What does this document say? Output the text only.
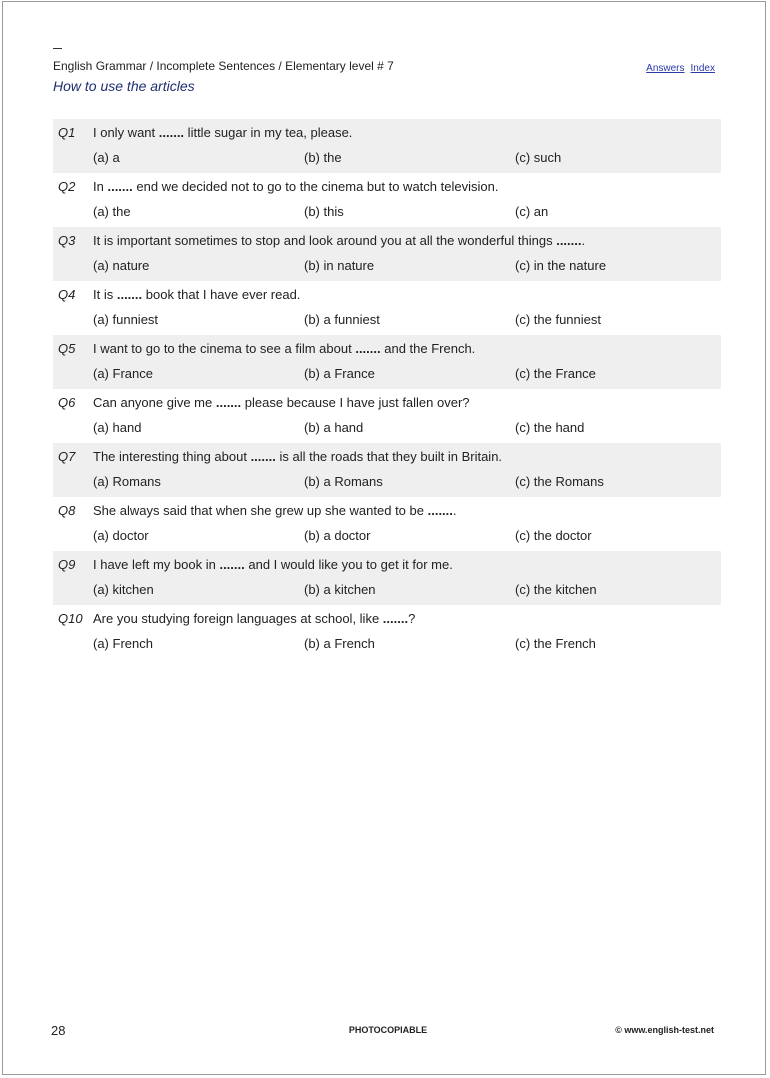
English Grammar / Incomplete Sentences / Elementary level # 7
How to use the articles
Answers Index
Q1 I only want ....... little sugar in my tea, please.
(a) a	(b) the	(c) such
Q2 In ....... end we decided not to go to the cinema but to watch television.
(a) the	(b) this	(c) an
Q3 It is important sometimes to stop and look around you at all the wonderful things ........
(a) nature	(b) in nature	(c) in the nature
Q4 It is ....... book that I have ever read.
(a) funniest	(b) a funniest	(c) the funniest
Q5 I want to go to the cinema to see a film about ....... and the French.
(a) France	(b) a France	(c) the France
Q6 Can anyone give me ....... please because I have just fallen over?
(a) hand	(b) a hand	(c) the hand
Q7 The interesting thing about ....... is all the roads that they built in Britain.
(a) Romans	(b) a Romans	(c) the Romans
Q8 She always said that when she grew up she wanted to be ........
(a) doctor	(b) a doctor	(c) the doctor
Q9 I have left my book in ....... and I would like you to get it for me.
(a) kitchen	(b) a kitchen	(c) the kitchen
Q10 Are you studying foreign languages at school, like .......?
(a) French	(b) a French	(c) the French
28	PHOTOCOPIABLE	© www.english-test.net
